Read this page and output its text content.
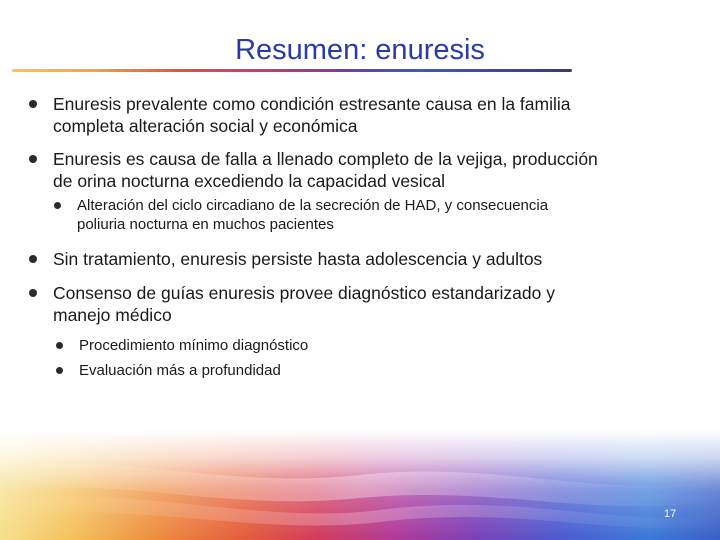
Resumen: enuresis
Enuresis prevalente como condición estresante causa en la familia
completa alteración social y económica
Enuresis es causa de falla a llenado completo de la vejiga, producción
de orina nocturna excediendo la capacidad vesical
Alteración del ciclo circadiano de la secreción de HAD, y consecuencia
poliuria nocturna en muchos pacientes
Sin tratamiento, enuresis persiste hasta adolescencia y adultos
Consenso de guías enuresis provee diagnóstico estandarizado y
manejo médico
Procedimiento mínimo diagnóstico
Evaluación más a profundidad
17
